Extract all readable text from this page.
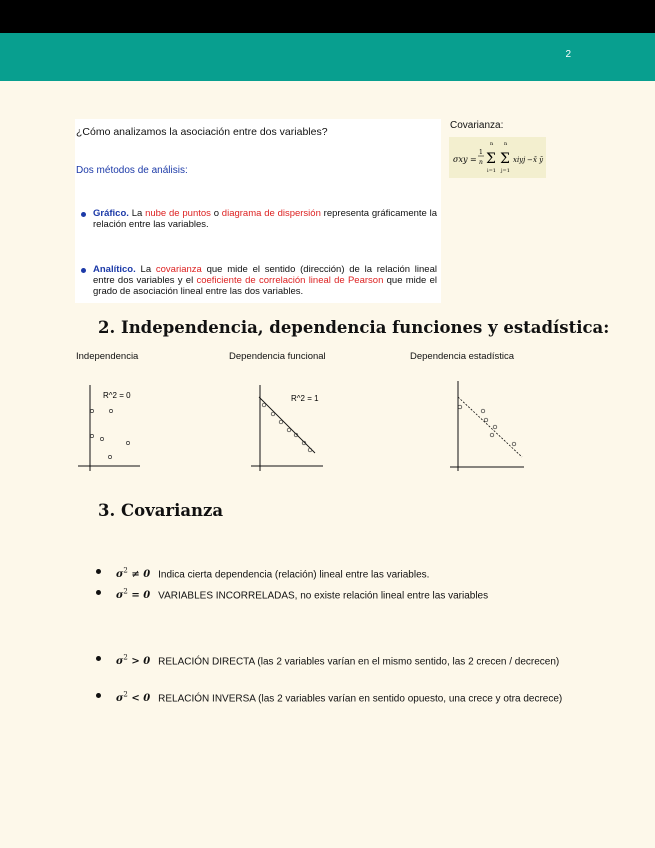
2
¿Cómo analizamos la asociación entre dos variables?
Dos métodos de análisis:
Gráfico. La nube de puntos o diagrama de dispersión representa gráficamente la relación entre las variables.
Analítico. La covarianza que mide el sentido (dirección) de la relación lineal entre dos variables y el coeficiente de correlación lineal de Pearson que mide el grado de asociación lineal entre las dos variables.
Covarianza:
σxy =
1
n
n
Σ
i=1
n
Σ
j=1
xiyj − x̄ ȳ
2. Independencia, dependencia funciones y estadística:
Independencia	Dependencia funcional	Dependencia estadística
R^2 = 0	R^2 = 1
3. Covarianza
$\sigma^2 \ne 0$ Indica cierta dependencia (relación) lineal entre las variables.
$\sigma^2 = 0$ VARIABLES INCORRELADAS, no existe relación lineal entre las variables
$\sigma^2 > 0$ RELACIÓN DIRECTA (las 2 variables varían en el mismo sentido, las 2 crecen / decrecen)
$\sigma^2 < 0$ RELACIÓN INVERSA (las 2 variables varían en sentido opuesto, una crece y otra decrece)
